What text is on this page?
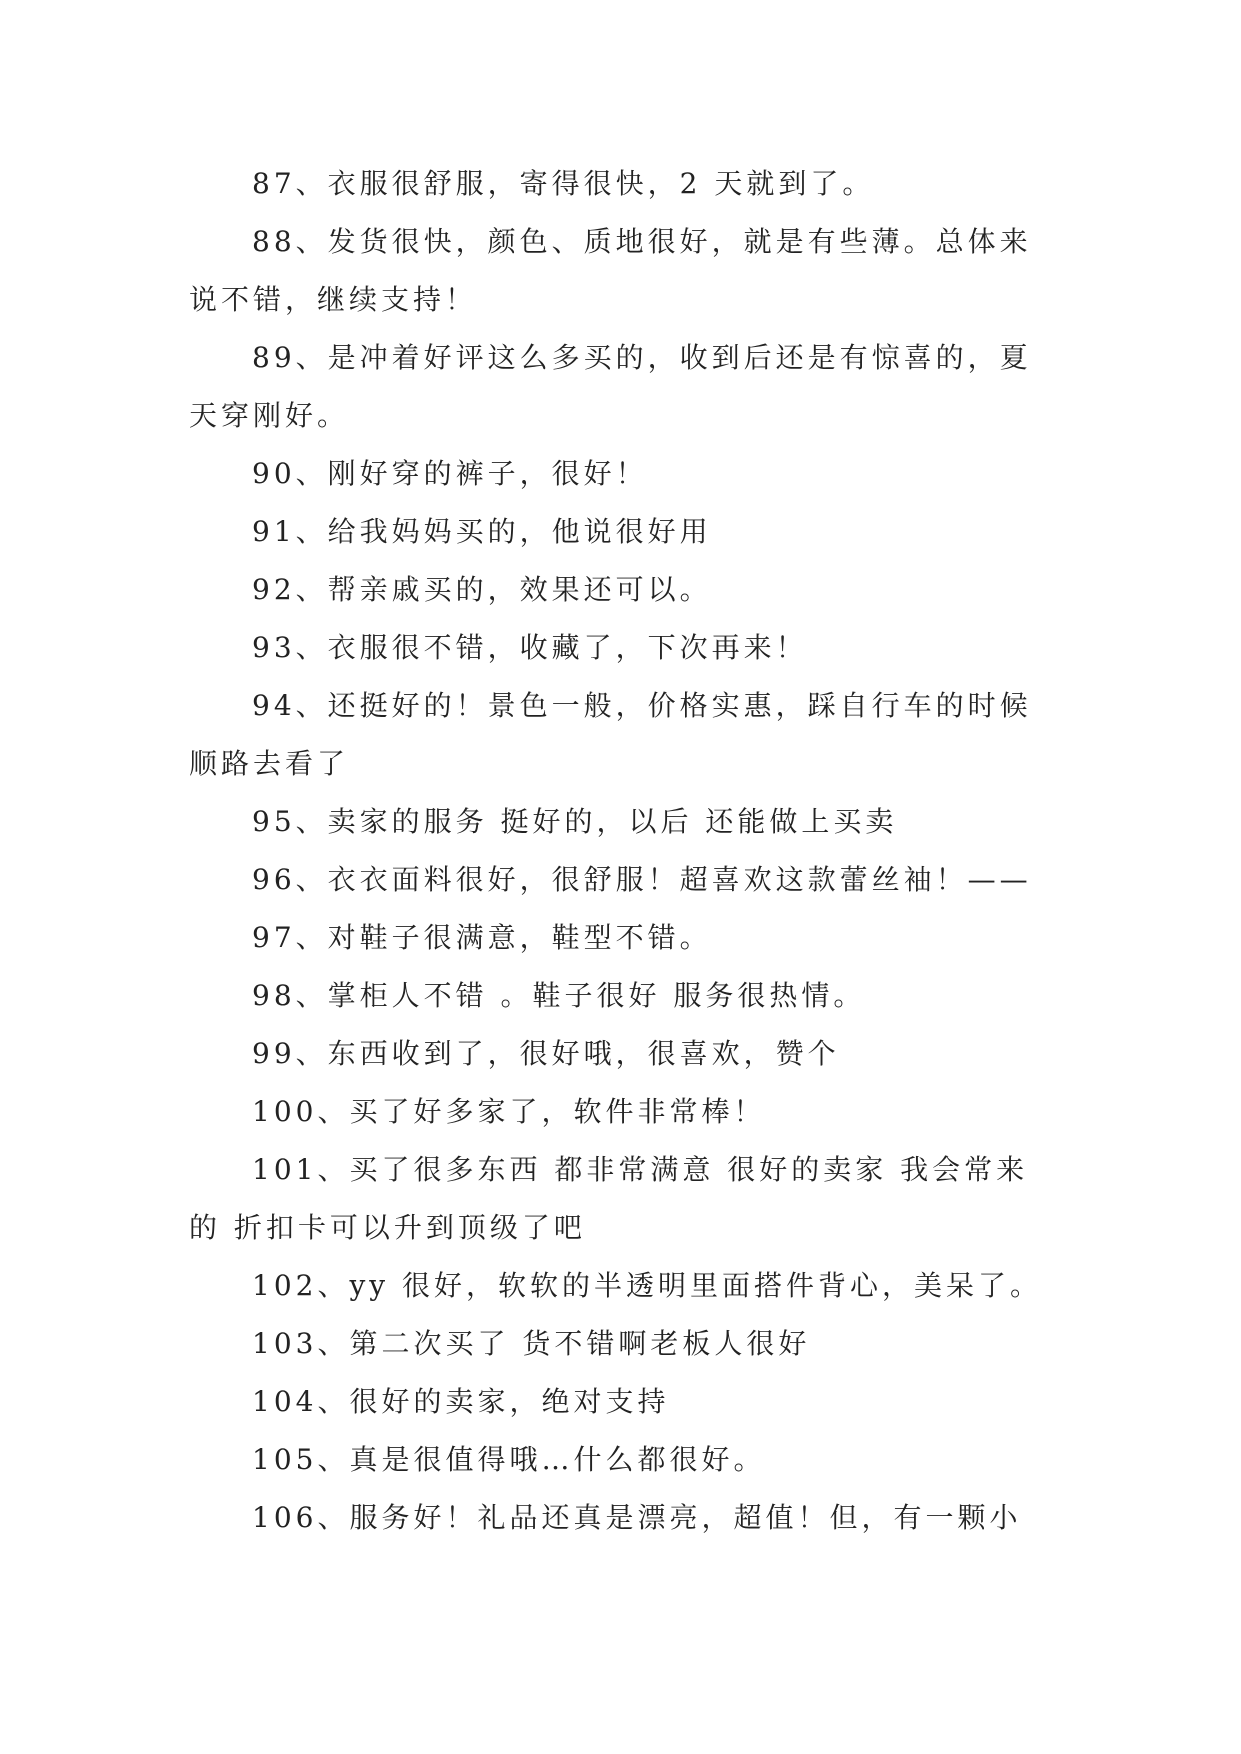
87、衣服很舒服，寄得很快，2 天就到了。

88、发货很快，颜色、质地很好，就是有些薄。总体来说不错，继续支持！

89、是冲着好评这么多买的，收到后还是有惊喜的，夏天穿刚好。

90、刚好穿的裤子，很好！

91、给我妈妈买的，他说很好用

92、帮亲戚买的，效果还可以。

93、衣服很不错，收藏了，下次再来！

94、还挺好的！景色一般，价格实惠，踩自行车的时候顺路去看了

95、卖家的服务 挺好的，以后 还能做上买卖

96、衣衣面料很好，很舒服！超喜欢这款蕾丝袖！——

97、对鞋子很满意，鞋型不错。

98、掌柜人不错 。鞋子很好 服务很热情。

99、东西收到了，很好哦，很喜欢，赞个

100、买了好多家了，软件非常棒！

101、买了很多东西 都非常满意 很好的卖家 我会常来的 折扣卡可以升到顶级了吧

102、yy 很好，软软的半透明里面搭件背心，美呆了。

103、第二次买了 货不错啊老板人很好

104、很好的卖家，绝对支持

105、真是很值得哦…什么都很好。

106、服务好！礼品还真是漂亮，超值！但，有一颗小
